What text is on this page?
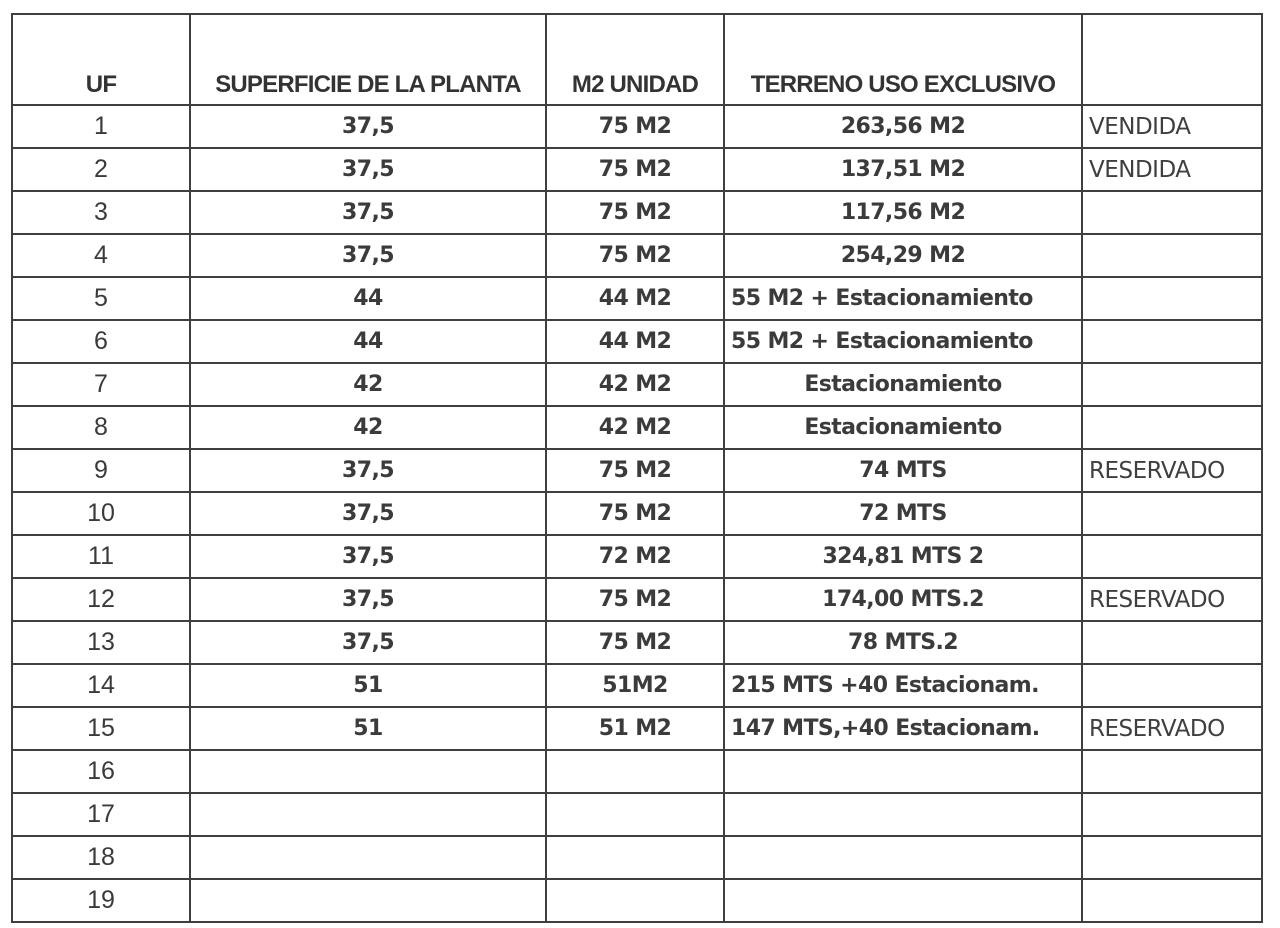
UF	SUPERFICIE DE LA PLANTA	M2 UNIDAD	TERRENO USO EXCLUSIVO	
1	37,5	75 M2	263,56 M2	VENDIDA
2	37,5	75 M2	137,51 M2	VENDIDA
3	37,5	75 M2	117,56 M2	
4	37,5	75 M2	254,29 M2	
5	44	44 M2	55 M2 + Estacionamiento	
6	44	44 M2	55 M2 + Estacionamiento	
7	42	42 M2	Estacionamiento	
8	42	42 M2	Estacionamiento	
9	37,5	75 M2	74 MTS	RESERVADO
10	37,5	75 M2	72 MTS	
11	37,5	72 M2	324,81 MTS 2	
12	37,5	75 M2	174,00 MTS.2	RESERVADO
13	37,5	75 M2	78 MTS.2	
14	51	51M2	215 MTS +40 Estacionam.	
15	51	51 M2	147 MTS,+40 Estacionam.	RESERVADO
16				
17				
18				
19				
